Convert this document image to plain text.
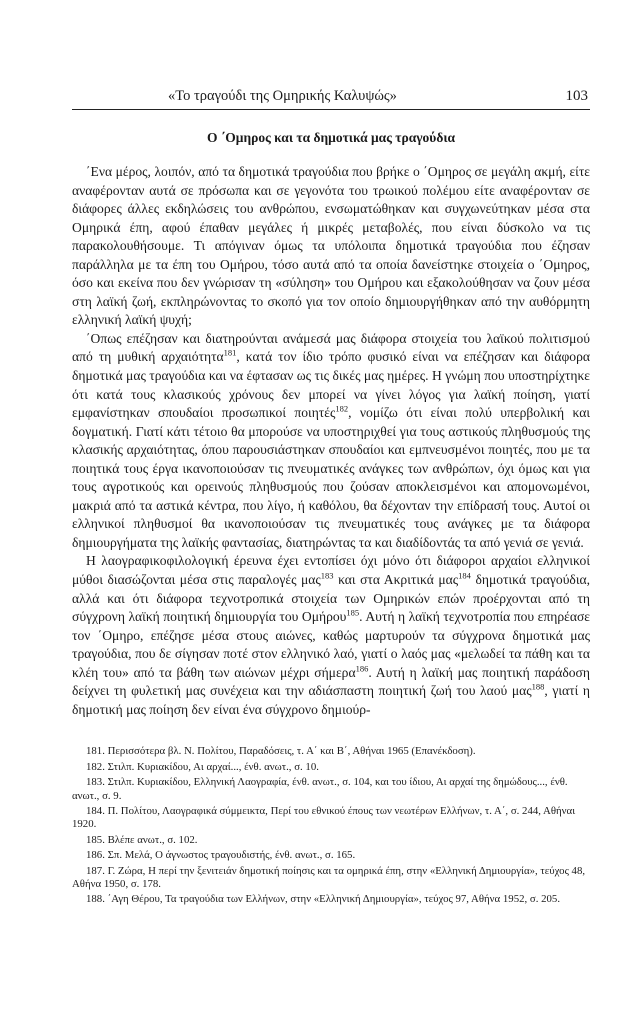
«Το τραγούδι της Ομηρικής Καλυψώς»	103
Ο ΄Ομηρος και τα δημοτικά μας τραγούδια

΄Ενα μέρος, λοιπόν, από τα δημοτικά τραγούδια που βρήκε ο ΄Ομηρος σε μεγάλη ακμή, είτε αναφέρονταν αυτά σε πρόσωπα και σε γεγονότα του τρωικού πολέμου είτε αναφέρονταν σε διάφορες άλλες εκδηλώσεις του ανθρώπου, ενσωματώθηκαν και συγχωνεύτηκαν μέσα στα Ομηρικά έπη, αφού έπαθαν μεγάλες ή μικρές μεταβολές, που είναι δύσκολο να τις παρακολουθήσουμε. Τι απόγιναν όμως τα υπόλοιπα δημοτικά τραγούδια που έζησαν παράλληλα με τα έπη του Ομήρου, τόσο αυτά από τα οποία δανείστηκε στοιχεία ο ΄Ομηρος, όσο και εκείνα που δεν γνώρισαν τη «σύληση» του Ομήρου και εξακολούθησαν να ζουν μέσα στη λαϊκή ζωή, εκπληρώνοντας το σκοπό για τον οποίο δημιουργήθηκαν από την αυθόρμητη ελληνική λαϊκή ψυχή;

΄Οπως επέζησαν και διατηρούνται ανάμεσά μας διάφορα στοιχεία του λαϊκού πολιτισμού από τη μυθική αρχαιότητα$^{181}$, κατά τον ίδιο τρόπο φυσικό είναι να επέζησαν και διάφορα δημοτικά μας τραγούδια και να έφτασαν ως τις δικές μας ημέρες. Η γνώμη που υποστηρίχτηκε ότι κατά τους κλασικούς χρόνους δεν μπορεί να γίνει λόγος για λαϊκή ποίηση, γιατί εμφανίστηκαν σπουδαίοι προσωπικοί ποιητές$^{182}$, νομίζω ότι είναι πολύ υπερβολική και δογματική. Γιατί κάτι τέτοιο θα μπορούσε να υποστηριχθεί για τους αστικούς πληθυσμούς της κλασικής αρχαιότητας, όπου παρουσιάστηκαν σπουδαίοι και εμπνευσμένοι ποιητές, που με τα ποιητικά τους έργα ικανοποιούσαν τις πνευματικές ανάγκες των ανθρώπων, όχι όμως και για τους αγροτικούς και ορεινούς πληθυσμούς που ζούσαν αποκλεισμένοι και απομονωμένοι, μακριά από τα αστικά κέντρα, που λίγο, ή καθόλου, θα δέχονταν την επίδρασή τους. Αυτοί οι ελληνικοί πληθυσμοί θα ικανοποιούσαν τις πνευματικές τους ανάγκες με τα διάφορα δημιουργήματα της λαϊκής φαντασίας, διατηρώντας τα και διαδίδοντάς τα από γενιά σε γενιά.

Η λαογραφικοφιλολογική έρευνα έχει εντοπίσει όχι μόνο ότι διάφοροι αρχαίοι ελληνικοί μύθοι διασώζονται μέσα στις παραλογές μας$^{183}$ και στα Ακριτικά μας$^{184}$ δημοτικά τραγούδια, αλλά και ότι διάφορα τεχνοτροπικά στοιχεία των Ομηρικών επών προέρχονται από τη σύγχρονη λαϊκή ποιητική δημιουργία του Ομήρου$^{185}$. Αυτή η λαϊκή τεχνοτροπία που επηρέασε τον ΄Ομηρο, επέζησε μέσα στους αιώνες, καθώς μαρτυρούν τα σύγχρονα δημοτικά μας τραγούδια, που δε σίγησαν ποτέ στον ελληνικό λαό, γιατί ο λαός μας «μελωδεί τα πάθη και τα κλέη του» από τα βάθη των αιώνων μέχρι σήμερα$^{186}$. Αυτή η λαϊκή μας ποιητική παράδοση δείχνει τη φυλετική μας συνέχεια και την αδιάσπαστη ποιητική ζωή του λαού μας$^{188}$, γιατί η δημοτική μας ποίηση δεν είναι ένα σύγχρονο δημιούρ-

181. Περισσότερα βλ. Ν. Πολίτου, Παραδόσεις, τ. Α΄ και Β΄, Αθήναι 1965 (Επανέκδοση).
182. Στιλπ. Κυριακίδου, Αι αρχαί..., ένθ. ανωτ., σ. 10.
183. Στιλπ. Κυριακίδου, Ελληνική Λαογραφία, ένθ. ανωτ., σ. 104, και του ίδιου, Αι αρχαί της δημώδους..., ένθ. ανωτ., σ. 9.
184. Π. Πολίτου, Λαογραφικά σύμμεικτα, Περί του εθνικού έπους των νεωτέρων Ελλήνων, τ. Α΄, σ. 244, Αθήναι 1920.
185. Βλέπε ανωτ., σ. 102.
186. Σπ. Μελά, Ο άγνωστος τραγουδιστής, ένθ. ανωτ., σ. 165.
187. Γ. Ζώρα, Η περί την ξενιτειάν δημοτική ποίησις και τα ομηρικά έπη, στην «Ελληνική Δημιουργία», τεύχος 48, Αθήνα 1950, σ. 178.
188. ΄Αγη Θέρου, Τα τραγούδια των Ελλήνων, στην «Ελληνική Δημιουργία», τεύχος 97, Αθήνα 1952, σ. 205.
